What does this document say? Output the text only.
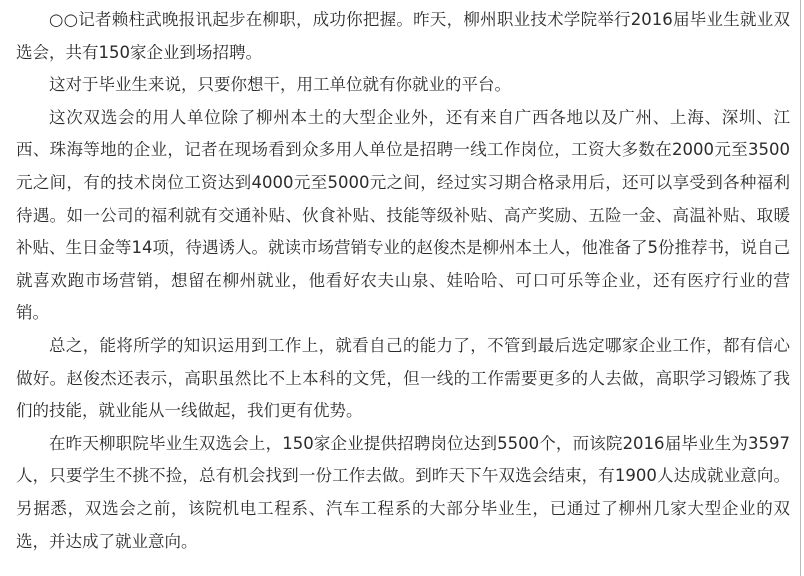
○○记者赖柱武晚报讯起步在柳职，成功你把握。昨天，柳州职业技术学院举行2016届毕业生就业双选会，共有150家企业到场招聘。

这对于毕业生来说，只要你想干，用工单位就有你就业的平台。

这次双选会的用人单位除了柳州本土的大型企业外，还有来自广西各地以及广州、上海、深圳、江西、珠海等地的企业，记者在现场看到众多用人单位是招聘一线工作岗位，工资大多数在2000元至3500元之间，有的技术岗位工资达到4000元至5000元之间，经过实习期合格录用后，还可以享受到各种福利待遇。如一公司的福利就有交通补贴、伙食补贴、技能等级补贴、高产奖励、五险一金、高温补贴、取暖补贴、生日金等14项，待遇诱人。就读市场营销专业的赵俊杰是柳州本土人，他准备了5份推荐书，说自己就喜欢跑市场营销，想留在柳州就业，他看好农夫山泉、娃哈哈、可口可乐等企业，还有医疗行业的营销。

总之，能将所学的知识运用到工作上，就看自己的能力了，不管到最后选定哪家企业工作，都有信心做好。赵俊杰还表示，高职虽然比不上本科的文凭，但一线的工作需要更多的人去做，高职学习锻炼了我们的技能，就业能从一线做起，我们更有优势。

在昨天柳职院毕业生双选会上，150家企业提供招聘岗位达到5500个，而该院2016届毕业生为3597人，只要学生不挑不捡，总有机会找到一份工作去做。到昨天下午双选会结束，有1900人达成就业意向。另据悉，双选会之前，该院机电工程系、汽车工程系的大部分毕业生，已通过了柳州几家大型企业的双选，并达成了就业意向。
